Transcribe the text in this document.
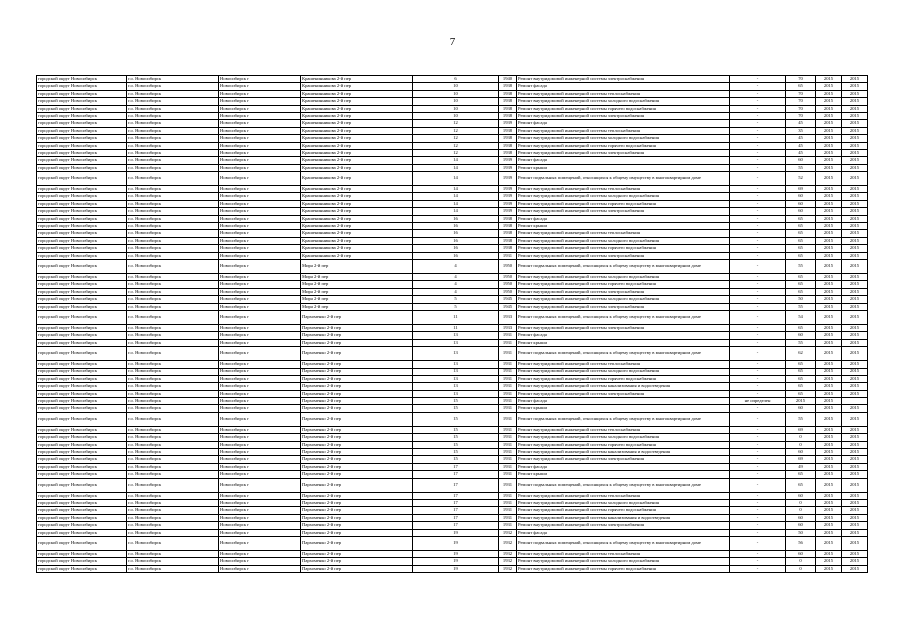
7
городской округ Новосибирск	г.о. Новосибирск	Новосибирск г	Крашенинникова 2-й пер	6	1940	Ремонт внутридомовой инженерной системы электроснабжения	-	70	2015	2015
городской округ Новосибирск	г.о. Новосибирск	Новосибирск г	Крашенинникова 2-й пер	10	1938	Ремонт фасада	-	65	2015	2015
городской округ Новосибирск	г.о. Новосибирск	Новосибирск г	Крашенинникова 2-й пер	10	1938	Ремонт внутридомовой инженерной системы теплоснабжения	-	70	2015	2015
городской округ Новосибирск	г.о. Новосибирск	Новосибирск г	Крашенинникова 2-й пер	10	1938	Ремонт внутридомовой инженерной системы холодного водоснабжения	-	70	2015	2015
городской округ Новосибирск	г.о. Новосибирск	Новосибирск г	Крашенинникова 2-й пер	10	1938	Ремонт внутридомовой инженерной системы горячего водоснабжения	-	70	2015	2015
городской округ Новосибирск	г.о. Новосибирск	Новосибирск г	Крашенинникова 2-й пер	10	1938	Ремонт внутридомовой инженерной системы электроснабжения	-	70	2015	2015
городской округ Новосибирск	г.о. Новосибирск	Новосибирск г	Крашенинникова 2-й пер	12	1939	Ремонт фасада	-	45	2015	2015
городской округ Новосибирск	г.о. Новосибирск	Новосибирск г	Крашенинникова 2-й пер	12	1938	Ремонт внутридомовой инженерной системы теплоснабжения	-	35	2015	2015
городской округ Новосибирск	г.о. Новосибирск	Новосибирск г	Крашенинникова 2-й пер	12	1938	Ремонт внутридомовой инженерной системы холодного водоснабжения	-	45	2015	2015
городской округ Новосибирск	г.о. Новосибирск	Новосибирск г	Крашенинникова 2-й пер	12	1938	Ремонт внутридомовой инженерной системы горячего водоснабжения	-	45	2015	2015
городской округ Новосибирск	г.о. Новосибирск	Новосибирск г	Крашенинникова 2-й пер	12	1938	Ремонт внутридомовой инженерной системы электроснабжения	-	45	2015	2015
городской округ Новосибирск	г.о. Новосибирск	Новосибирск г	Крашенинникова 2-й пер	14	1939	Ремонт фасада	-	60	2015	2015
городской округ Новосибирск	г.о. Новосибирск	Новосибирск г	Крашенинникова 2-й пер	14	1939	Ремонт крыши	-	55	2015	2015
городской округ Новосибирск	г.о. Новосибирск	Новосибирск г	Крашенинникова 2-й пер	14	1939	Ремонт подвальных помещений, относящихся к общему имуществу в многоквартирном доме	-	52	2015	2015
городской округ Новосибирск	г.о. Новосибирск	Новосибирск г	Крашенинникова 2-й пер	14	1939	Ремонт внутридомовой инженерной системы теплоснабжения	-	69	2015	2015
городской округ Новосибирск	г.о. Новосибирск	Новосибирск г	Крашенинникова 2-й пер	14	1939	Ремонт внутридомовой инженерной системы холодного водоснабжения	-	60	2015	2015
городской округ Новосибирск	г.о. Новосибирск	Новосибирск г	Крашенинникова 2-й пер	14	1939	Ремонт внутридомовой инженерной системы горячего водоснабжения	-	60	2015	2015
городской округ Новосибирск	г.о. Новосибирск	Новосибирск г	Крашенинникова 2-й пер	14	1939	Ремонт внутридомовой инженерной системы электроснабжения	-	60	2015	2015
городской округ Новосибирск	г.о. Новосибирск	Новосибирск г	Крашенинникова 2-й пер	16	1938	Ремонт фасада	-	65	2015	2015
городской округ Новосибирск	г.о. Новосибирск	Новосибирск г	Крашенинникова 2-й пер	16	1938	Ремонт крыши	-	65	2015	2015
городской округ Новосибирск	г.о. Новосибирск	Новосибирск г	Крашенинникова 2-й пер	16	1938	Ремонт внутридомовой инженерной системы теплоснабжения	-	65	2015	2015
городской округ Новосибирск	г.о. Новосибирск	Новосибирск г	Крашенинникова 2-й пер	16	1938	Ремонт внутридомовой инженерной системы холодного водоснабжения	-	65	2015	2015
городской округ Новосибирск	г.о. Новосибирск	Новосибирск г	Крашенинникова 2-й пер	16	1938	Ремонт внутридомовой инженерной системы горячего водоснабжения	-	65	2015	2015
городской округ Новосибирск	г.о. Новосибирск	Новосибирск г	Крашенинникова 2-й пер	16	1931	Ремонт внутридомовой инженерной системы электроснабжения	-	65	2015	2015
городской округ Новосибирск	г.о. Новосибирск	Новосибирск г	Мира 2-й пер	4	1950	Ремонт подвальных помещений, относящихся к общему имуществу в многоквартирном доме	-	55	2015	2015
городской округ Новосибирск	г.о. Новосибирск	Новосибирск г	Мира 2-й пер	4	1950	Ремонт внутридомовой инженерной системы холодного водоснабжения	-	65	2015	2015
городской округ Новосибирск	г.о. Новосибирск	Новосибирск г	Мира 2-й пер	4	1950	Ремонт внутридомовой инженерной системы горячего водоснабжения	-	65	2015	2015
городской округ Новосибирск	г.о. Новосибирск	Новосибирск г	Мира 2-й пер	4	1950	Ремонт внутридомовой инженерной системы электроснабжения	-	65	2015	2015
городской округ Новосибирск	г.о. Новосибирск	Новосибирск г	Мира 2-й пер	5	1945	Ремонт внутридомовой инженерной системы холодного водоснабжения	-	50	2015	2015
городской округ Новосибирск	г.о. Новосибирск	Новосибирск г	Мира 2-й пер	5	1945	Ремонт внутридомовой инженерной системы электроснабжения	-	55	2015	2015
городской округ Новосибирск	г.о. Новосибирск	Новосибирск г	Пархоменко 2-й пер	11	1933	Ремонт подвальных помещений, относящихся к общему имуществу в многоквартирном доме	-	54	2015	2015
городской округ Новосибирск	г.о. Новосибирск	Новосибирск г	Пархоменко 2-й пер	11	1933	Ремонт внутридомовой инженерной системы электроснабжения	-	65	2015	2015
городской округ Новосибирск	г.о. Новосибирск	Новосибирск г	Пархоменко 2-й пер	13	1931	Ремонт фасада	-	60	2015	2015
городской округ Новосибирск	г.о. Новосибирск	Новосибирск г	Пархоменко 2-й пер	13	1931	Ремонт крыши	-	55	2015	2015
городской округ Новосибирск	г.о. Новосибирск	Новосибирск г	Пархоменко 2-й пер	13	1931	Ремонт подвальных помещений, относящихся к общему имуществу в многоквартирном доме	-	62	2015	2015
городской округ Новосибирск	г.о. Новосибирск	Новосибирск г	Пархоменко 2-й пер	13	1931	Ремонт внутридомовой инженерной системы теплоснабжения	-	65	2015	2015
городской округ Новосибирск	г.о. Новосибирск	Новосибирск г	Пархоменко 2-й пер	13	1931	Ремонт внутридомовой инженерной системы холодного водоснабжения	-	65	2015	2015
городской округ Новосибирск	г.о. Новосибирск	Новосибирск г	Пархоменко 2-й пер	13	1931	Ремонт внутридомовой инженерной системы горячего водоснабжения	-	65	2015	2015
городской округ Новосибирск	г.о. Новосибирск	Новосибирск г	Пархоменко 2-й пер	13	1931	Ремонт внутридомовой инженерной системы канализования и водоотведения	-	65	2015	2015
городской округ Новосибирск	г.о. Новосибирск	Новосибирск г	Пархоменко 2-й пер	13	1931	Ремонт внутридомовой инженерной системы электроснабжения	-	65	2015	2015
городской округ Новосибирск	г.о. Новосибирск	Новосибирск г	Пархоменко 2-й пер	15	1931	Ремонт фасада	не определен	2015	2015	
городской округ Новосибирск	г.о. Новосибирск	Новосибирск г	Пархоменко 2-й пер	15	1931	Ремонт крыши	-	60	2015	2015
городской округ Новосибирск	г.о. Новосибирск	Новосибирск г	Пархоменко 2-й пер	15	1931	Ремонт подвальных помещений, относящихся к общему имуществу в многоквартирном доме	-	55	2015	2015
городской округ Новосибирск	г.о. Новосибирск	Новосибирск г	Пархоменко 2-й пер	15	1931	Ремонт внутридомовой инженерной системы теплоснабжения	-	69	2015	2015
городской округ Новосибирск	г.о. Новосибирск	Новосибирск г	Пархоменко 2-й пер	15	1931	Ремонт внутридомовой инженерной системы холодного водоснабжения	-	0	2015	2015
городской округ Новосибирск	г.о. Новосибирск	Новосибирск г	Пархоменко 2-й пер	15	1931	Ремонт внутридомовой инженерной системы горячего водоснабжения	-	0	2015	2015
городской округ Новосибирск	г.о. Новосибирск	Новосибирск г	Пархоменко 2-й пер	15	1931	Ремонт внутридомовой инженерной системы канализования и водоотведения	-	60	2015	2015
городской округ Новосибирск	г.о. Новосибирск	Новосибирск г	Пархоменко 2-й пер	15	1931	Ремонт внутридомовой инженерной системы электроснабжения	-	69	2015	2015
городской округ Новосибирск	г.о. Новосибирск	Новосибирск г	Пархоменко 2-й пер	17	1931	Ремонт фасада	-	49	2015	2015
городской округ Новосибирск	г.о. Новосибирск	Новосибирск г	Пархоменко 2-й пер	17	1931	Ремонт крыши	-	65	2015	2015
городской округ Новосибирск	г.о. Новосибирск	Новосибирск г	Пархоменко 2-й пер	17	1931	Ремонт подвальных помещений, относящихся к общему имуществу в многоквартирном доме	-	65	2015	2015
городской округ Новосибирск	г.о. Новосибирск	Новосибирск г	Пархоменко 2-й пер	17	1931	Ремонт внутридомовой инженерной системы теплоснабжения	-	60	2015	2015
городской округ Новосибирск	г.о. Новосибирск	Новосибирск г	Пархоменко 2-й пер	17	1931	Ремонт внутридомовой инженерной системы холодного водоснабжения	-	0	2015	2015
городской округ Новосибирск	г.о. Новосибирск	Новосибирск г	Пархоменко 2-й пер	17	1931	Ремонт внутридомовой инженерной системы горячего водоснабжения	-	0	2015	2015
городской округ Новосибирск	г.о. Новосибирск	Новосибирск г	Пархоменко 2-й пер	17	1931	Ремонт внутридомовой инженерной системы канализования и водоотведения	-	60	2015	2015
городской округ Новосибирск	г.о. Новосибирск	Новосибирск г	Пархоменко 2-й пер	17	1931	Ремонт внутридомовой инженерной системы электроснабжения	-	60	2015	2015
городской округ Новосибирск	г.о. Новосибирск	Новосибирск г	Пархоменко 2-й пер	19	1932	Ремонт фасада	-	50	2015	2015
городской округ Новосибирск	г.о. Новосибирск	Новосибирск г	Пархоменко 2-й пер	19	1932	Ремонт подвальных помещений, относящихся к общему имуществу в многоквартирном доме	-	56	2015	2015
городской округ Новосибирск	г.о. Новосибирск	Новосибирск г	Пархоменко 2-й пер	19	1932	Ремонт внутридомовой инженерной системы теплоснабжения	-	60	2015	2015
городской округ Новосибирск	г.о. Новосибирск	Новосибирск г	Пархоменко 2-й пер	19	1932	Ремонт внутридомовой инженерной системы холодного водоснабжения	-	0	2015	2015
городской округ Новосибирск	г.о. Новосибирск	Новосибирск г	Пархоменко 2-й пер	19	1932	Ремонт внутридомовой инженерной системы горячего водоснабжения	-	0	2015	2015
